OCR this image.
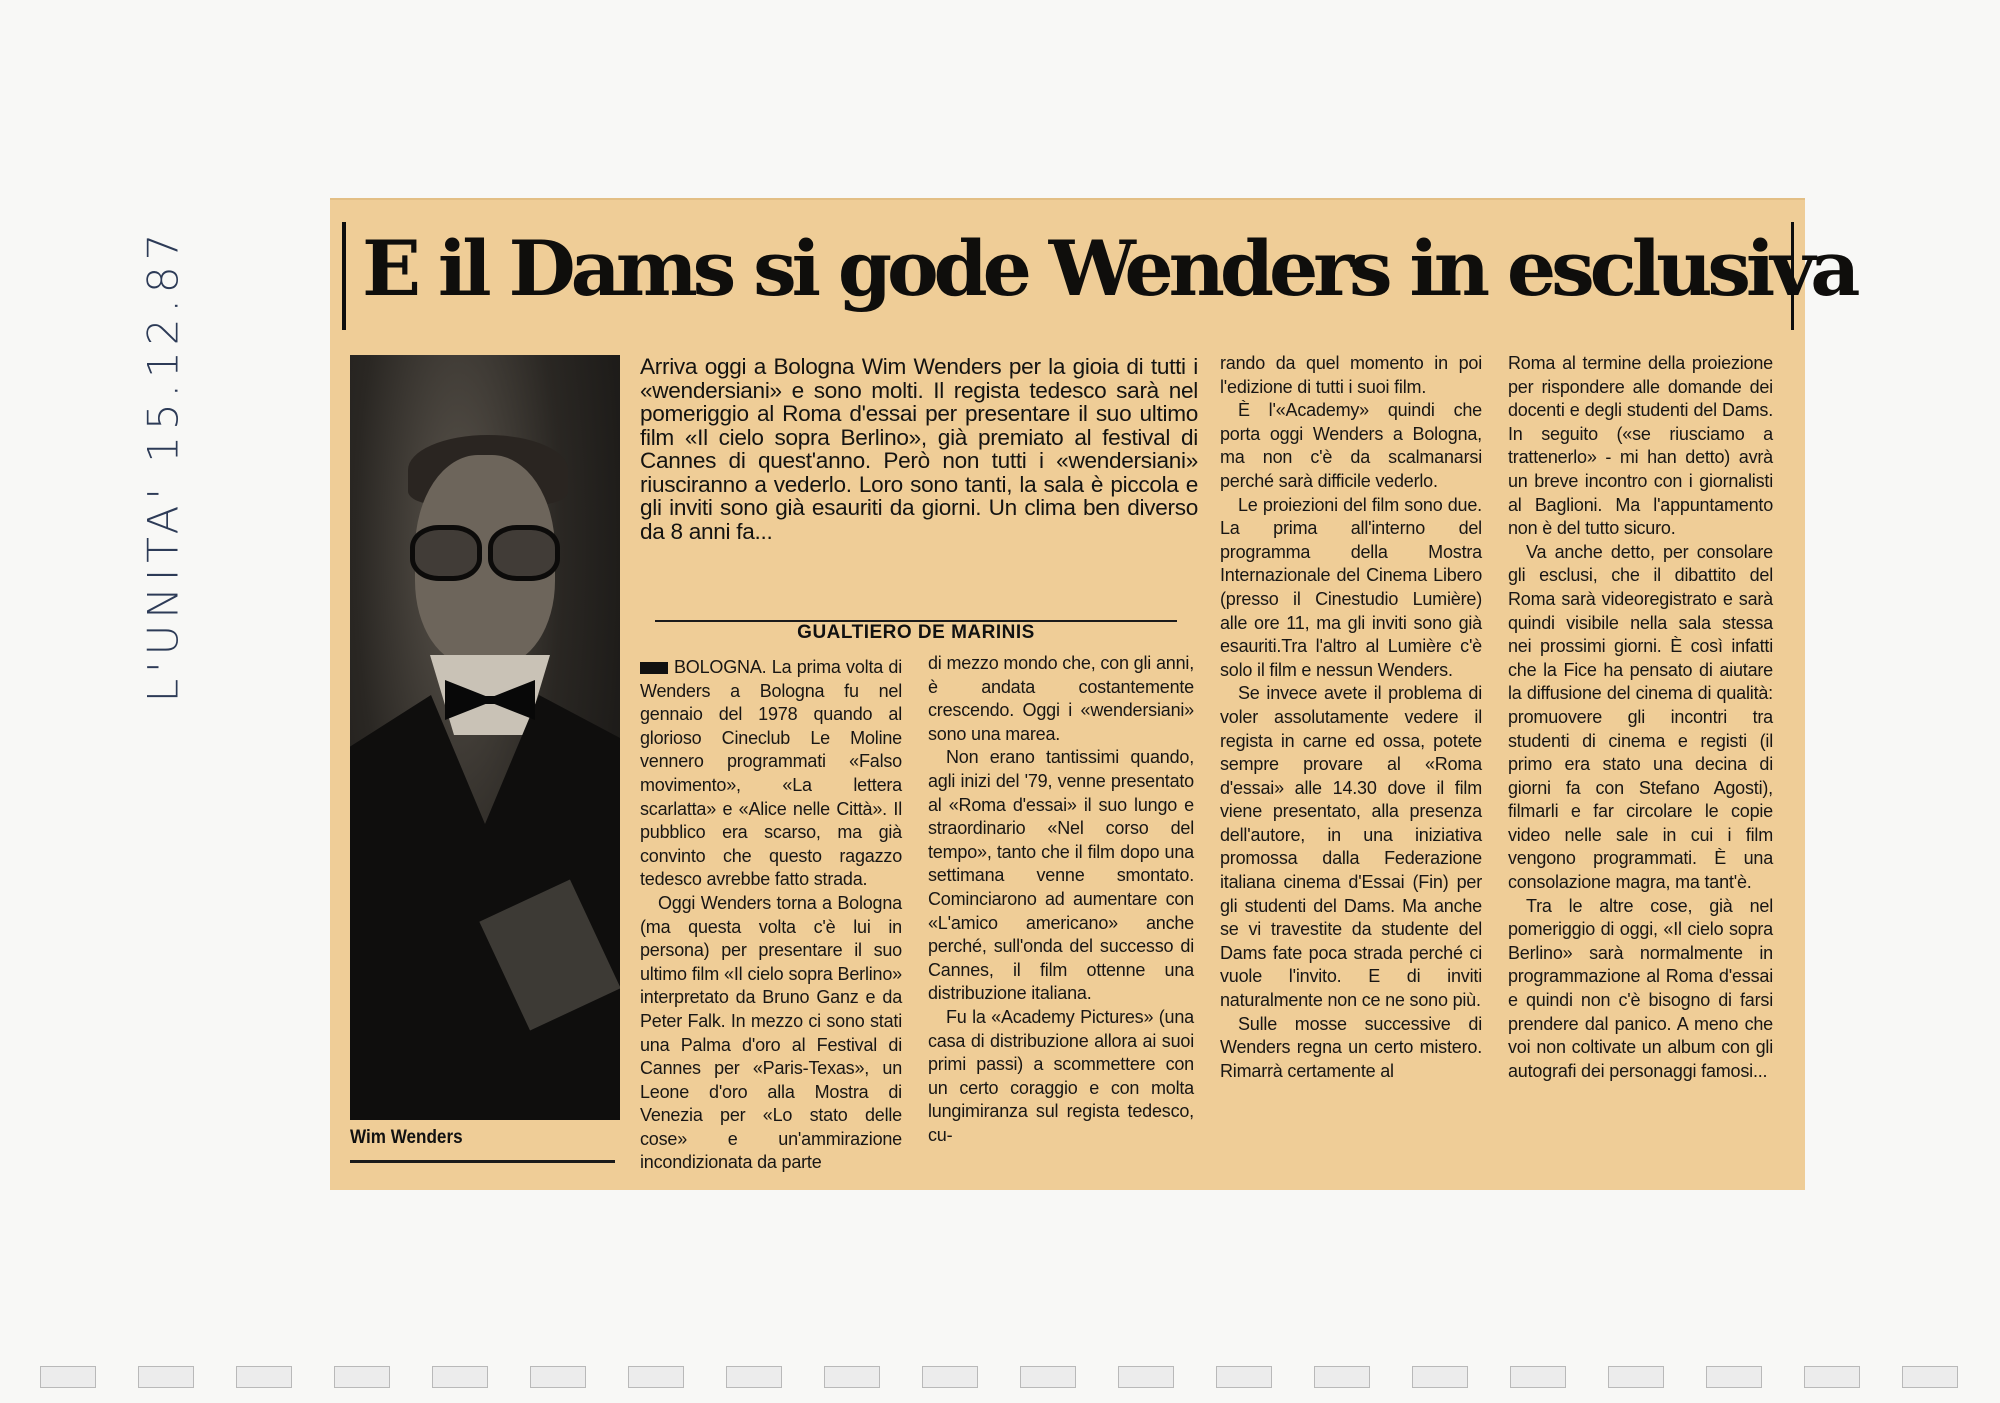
L'UNITA' 15.12.87 E il Dams si gode Wenders in esclusiva
Wim Wenders
Arriva oggi a Bologna Wim Wenders per la gioia di tutti i «wendersiani» e sono molti. Il regista tedesco sarà nel pomeriggio al Roma d'essai per presentare il suo ultimo film «Il cielo sopra Berlino», già premiato al festival di Cannes di quest'anno. Però non tutti i «wendersiani» riusciranno a vederlo. Loro sono tanti, la sala è piccola e gli inviti sono già esauriti da giorni. Un clima ben diverso da 8 anni fa...
GUALTIERO DE MARINIS

BOLOGNA. La prima volta di Wenders a Bologna fu nel gennaio del 1978 quando al glorioso Cineclub Le Moline vennero programmati «Falso movimento», «La lettera scarlatta» e «Alice nelle Città». Il pubblico era scarso, ma già convinto che questo ragazzo tedesco avrebbe fatto strada.

Oggi Wenders torna a Bologna (ma questa volta c'è lui in persona) per presentare il suo ultimo film «Il cielo sopra Berlino» interpretato da Bruno Ganz e da Peter Falk. In mezzo ci sono stati una Palma d'oro al Festival di Cannes per «Paris-Texas», un Leone d'oro alla Mostra di Venezia per «Lo stato delle cose» e un'ammirazione incondizionata da parte

di mezzo mondo che, con gli anni, è andata costantemente crescendo. Oggi i «wendersiani» sono una marea.

Non erano tantissimi quando, agli inizi del '79, venne presentato al «Roma d'essai» il suo lungo e straordinario «Nel corso del tempo», tanto che il film dopo una settimana venne smontato. Cominciarono ad aumentare con «L'amico americano» anche perché, sull'onda del successo di Cannes, il film ottenne una distribuzione italiana.

Fu la «Academy Pictures» (una casa di distribuzione allora ai suoi primi passi) a scommettere con un certo coraggio e con molta lungimiranza sul regista tedesco, cu-

rando da quel momento in poi l'edizione di tutti i suoi film.

È l'«Academy» quindi che porta oggi Wenders a Bologna, ma non c'è da scalmanarsi perché sarà difficile vederlo.

Le proiezioni del film sono due. La prima all'interno del programma della Mostra Internazionale del Cinema Libero (presso il Cinestudio Lumière) alle ore 11, ma gli inviti sono già esauriti.Tra l'altro al Lumière c'è solo il film e nessun Wenders.

Se invece avete il problema di voler assolutamente vedere il regista in carne ed ossa, potete sempre provare al «Roma d'essai» alle 14.30 dove il film viene presentato, alla presenza dell'autore, in una iniziativa promossa dalla Federazione italiana cinema d'Essai (Fin) per gli studenti del Dams. Ma anche se vi travestite da studente del Dams fate poca strada perché ci vuole l'invito. E di inviti naturalmente non ce ne sono più.

Sulle mosse successive di Wenders regna un certo mistero. Rimarrà certamente al

Roma al termine della proiezione per rispondere alle domande dei docenti e degli studenti del Dams. In seguito («se riusciamo a trattenerlo» - mi han detto) avrà un breve incontro con i giornalisti al Baglioni. Ma l'appuntamento non è del tutto sicuro.

Va anche detto, per consolare gli esclusi, che il dibattito del Roma sarà videoregistrato e sarà quindi visibile nella sala stessa nei prossimi giorni. È così infatti che la Fice ha pensato di aiutare la diffusione del cinema di qualità: promuovere gli incontri tra studenti di cinema e registi (il primo era stato una decina di giorni fa con Stefano Agosti), filmarli e far circolare le copie video nelle sale in cui i film vengono programmati. È una consolazione magra, ma tant'è.

Tra le altre cose, già nel pomeriggio di oggi, «Il cielo sopra Berlino» sarà normalmente in programmazione al Roma d'essai e quindi non c'è bisogno di farsi prendere dal panico. A meno che voi non coltivate un album con gli autografi dei personaggi famosi...
